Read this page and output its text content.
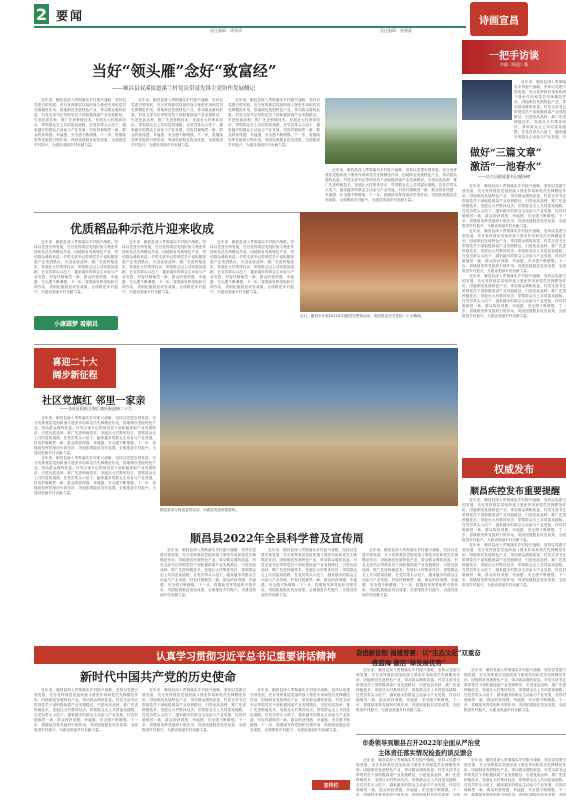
2 要闻
责任编辑：谭华清	责任编辑：黄黛素
诗画宣昌
当好“领头雁”念好“致富经”
——顺昌县双溪街道溪兰村党员带富先锋主党协作发展侧记

近年来，顺昌县深入贯彻落实乡村振兴战略，坚持以党建引领发展，充分发挥基层党组织战斗堡垒作用和党员先锋模范作用，因地制宜发展特色产业，带动群众增收致富。村党支部书记带领党员干部积极探索产业发展路径，引进优质品种，推广先进种植技术，发展壮大村集体经济，带领群众走上共同富裕道路。在党员带头示范下，越来越多的群众主动参与产业发展，村容村貌焕然一新，群众的获得感、幸福感、安全感不断增强。下一步，将继续发挥党组织引领作用，巩固拓展脱贫攻坚成果，全面推进乡村振兴，为建设美丽乡村贡献力量。

近年来，顺昌县深入贯彻落实乡村振兴战略，坚持以党建引领发展，充分发挥基层党组织战斗堡垒作用和党员先锋模范作用，因地制宜发展特色产业，带动群众增收致富。村党支部书记带领党员干部积极探索产业发展路径，引进优质品种，推广先进种植技术，发展壮大村集体经济，带领群众走上共同富裕道路。在党员带头示范下，越来越多的群众主动参与产业发展，村容村貌焕然一新，群众的获得感、幸福感、安全感不断增强。下一步，将继续发挥党组织引领作用，巩固拓展脱贫攻坚成果，全面推进乡村振兴，为建设美丽乡村贡献力量。

近年来，顺昌县深入贯彻落实乡村振兴战略，坚持以党建引领发展，充分发挥基层党组织战斗堡垒作用和党员先锋模范作用，因地制宜发展特色产业，带动群众增收致富。村党支部书记带领党员干部积极探索产业发展路径，引进优质品种，推广先进种植技术，发展壮大村集体经济，带领群众走上共同富裕道路。在党员带头示范下，越来越多的群众主动参与产业发展，村容村貌焕然一新，群众的获得感、幸福感、安全感不断增强。下一步，将继续发挥党组织引领作用，巩固拓展脱贫攻坚成果，全面推进乡村振兴，为建设美丽乡村贡献力量。

近年来，顺昌县深入贯彻落实乡村振兴战略，坚持以党建引领发展，充分发挥基层党组织战斗堡垒作用和党员先锋模范作用，因地制宜发展特色产业，带动群众增收致富。村党支部书记带领党员干部积极探索产业发展路径，引进优质品种，推广先进种植技术，发展壮大村集体经济，带领群众走上共同富裕道路。在党员带头示范下，越来越多的群众主动参与产业发展，村容村貌焕然一新，群众的获得感、幸福感、安全感不断增强。下一步，将继续发挥党组织引领作用，巩固拓展脱贫攻坚成果，全面推进乡村振兴，为建设美丽乡村贡献力量。

一把手访谈
乡镇（街道）篇

近年来，顺昌县深入贯彻落实乡村振兴战略，坚持以党建引领发展，充分发挥基层党组织战斗堡垒作用和党员先锋模范作用，因地制宜发展特色产业，带动群众增收致富。村党支部书记带领党员干部积极探索产业发展路径，引进优质品种，推广先进种植技术，发展壮大村集体经济，带领群众走上共同富裕道路。在党员带头示范下，越来越多的群众主动参与产业发展，村

做好“三篇文章”
激活“一池春水”
——访大历镇党委书记谢泽树

近年来，顺昌县深入贯彻落实乡村振兴战略，坚持以党建引领发展，充分发挥基层党组织战斗堡垒作用和党员先锋模范作用，因地制宜发展特色产业，带动群众增收致富。村党支部书记带领党员干部积极探索产业发展路径，引进优质品种，推广先进种植技术，发展壮大村集体经济，带领群众走上共同富裕道路。在党员带头示范下，越来越多的群众主动参与产业发展，村容村貌焕然一新，群众的获得感、幸福感、安全感不断增强。下一步，将继续发挥党组织引领作用，巩固拓展脱贫攻坚成果，全面推进乡村振兴，为建设美丽乡村贡献力量。

近年来，顺昌县深入贯彻落实乡村振兴战略，坚持以党建引领发展，充分发挥基层党组织战斗堡垒作用和党员先锋模范作用，因地制宜发展特色产业，带动群众增收致富。村党支部书记带领党员干部积极探索产业发展路径，引进优质品种，推广先进种植技术，发展壮大村集体经济，带领群众走上共同富裕道路。在党员带头示范下，越来越多的群众主动参与产业发展，村容村貌焕然一新，群众的获得感、幸福感、安全感不断增强。下一步，将继续发挥党组织引领作用，巩固拓展脱贫攻坚成果，全面推进乡村振兴，为建设美丽乡村贡献力量。

近年来，顺昌县深入贯彻落实乡村振兴战略，坚持以党建引领发展，充分发挥基层党组织战斗堡垒作用和党员先锋模范作用，因地制宜发展特色产业，带动群众增收致富。村党支部书记带领党员干部积极探索产业发展路径，引进优质品种，推广先进种植技术，发展壮大村集体经济，带领群众走上共同富裕道路。在党员带头示范下，越来越多的群众主动参与产业发展，村容村貌焕然一新，群众的获得感、幸福感、安全感不断增强。下一步，将继续发挥党组织引领作用，巩固拓展脱贫攻坚成果，全面推进乡村振兴，为建设美丽乡村贡献力量。

优质稻品种示范片迎来收成

近年来，顺昌县深入贯彻落实乡村振兴战略，坚持以党建引领发展，充分发挥基层党组织战斗堡垒作用和党员先锋模范作用，因地制宜发展特色产业，带动群众增收致富。村党支部书记带领党员干部积极探索产业发展路径，引进优质品种，推广先进种植技术，发展壮大村集体经济，带领群众走上共同富裕道路。在党员带头示范下，越来越多的群众主动参与产业发展，村容村貌焕然一新，群众的获得感、幸福感、安全感不断增强。下一步，将继续发挥党组织引领作用，巩固拓展脱贫攻坚成果，全面推进乡村振兴，为建设美丽乡村贡献力量。

近年来，顺昌县深入贯彻落实乡村振兴战略，坚持以党建引领发展，充分发挥基层党组织战斗堡垒作用和党员先锋模范作用，因地制宜发展特色产业，带动群众增收致富。村党支部书记带领党员干部积极探索产业发展路径，引进优质品种，推广先进种植技术，发展壮大村集体经济，带领群众走上共同富裕道路。在党员带头示范下，越来越多的群众主动参与产业发展，村容村貌焕然一新，群众的获得感、幸福感、安全感不断增强。下一步，将继续发挥党组织引领作用，巩固拓展脱贫攻坚成果，全面推进乡村振兴，为建设美丽乡村贡献力量。

近年来，顺昌县深入贯彻落实乡村振兴战略，坚持以党建引领发展，充分发挥基层党组织战斗堡垒作用和党员先锋模范作用，因地制宜发展特色产业，带动群众增收致富。村党支部书记带领党员干部积极探索产业发展路径，引进优质品种，推广先进种植技术，发展壮大村集体经济，带领群众走上共同富裕道路。在党员带头示范下，越来越多的群众主动参与产业发展，村容村貌焕然一新，群众的获得感、幸福感、安全感不断增强。下一步，将继续发挥党组织引领作用，巩固拓展脱贫攻坚成果，全面推进乡村振兴，为建设美丽乡村贡献力量。

小康圆梦 看顺昌
近日，顺昌乡开展2022年村级党史教育活动，组织群众学习党的二十大精神。
喜迎二十大
阔步新征程
社区党旗红 邻里一家亲
——各社区组织合唱汇演庆祝迎接二十大

近年来，顺昌县深入贯彻落实乡村振兴战略，坚持以党建引领发展，充分发挥基层党组织战斗堡垒作用和党员先锋模范作用，因地制宜发展特色产业，带动群众增收致富。村党支部书记带领党员干部积极探索产业发展路径，引进优质品种，推广先进种植技术，发展壮大村集体经济，带领群众走上共同富裕道路。在党员带头示范下，越来越多的群众主动参与产业发展，村容村貌焕然一新，群众的获得感、幸福感、安全感不断增强。下一步，将继续发挥党组织引领作用，巩固拓展脱贫攻坚成果，全面推进乡村振兴，为建设美丽乡村贡献力量。

近年来，顺昌县深入贯彻落实乡村振兴战略，坚持以党建引领发展，充分发挥基层党组织战斗堡垒作用和党员先锋模范作用，因地制宜发展特色产业，带动群众增收致富。村党支部书记带领党员干部积极探索产业发展路径，引进优质品种，推广先进种植技术，发展壮大村集体经济，带领群众走上共同富裕道路。在党员带头示范下，越来越多的群众主动参与产业发展，村容村貌焕然一新，群众的获得感、幸福感、安全感不断增强。下一步，将继续发挥党组织引领作用，巩固拓展脱贫攻坚成果，全面推进乡村振兴，为建设美丽乡村贡献力量。

顺昌县举办科普宣传活动，向群众发放科普资料。
顺昌县2022年全县科学普及宣传周

近年来，顺昌县深入贯彻落实乡村振兴战略，坚持以党建引领发展，充分发挥基层党组织战斗堡垒作用和党员先锋模范作用，因地制宜发展特色产业，带动群众增收致富。村党支部书记带领党员干部积极探索产业发展路径，引进优质品种，推广先进种植技术，发展壮大村集体经济，带领群众走上共同富裕道路。在党员带头示范下，越来越多的群众主动参与产业发展，村容村貌焕然一新，群众的获得感、幸福感、安全感不断增强。下一步，将继续发挥党组织引领作用，巩固拓展脱贫攻坚成果，全面推进乡村振兴，为建设美丽乡村贡献力量。

近年来，顺昌县深入贯彻落实乡村振兴战略，坚持以党建引领发展，充分发挥基层党组织战斗堡垒作用和党员先锋模范作用，因地制宜发展特色产业，带动群众增收致富。村党支部书记带领党员干部积极探索产业发展路径，引进优质品种，推广先进种植技术，发展壮大村集体经济，带领群众走上共同富裕道路。在党员带头示范下，越来越多的群众主动参与产业发展，村容村貌焕然一新，群众的获得感、幸福感、安全感不断增强。下一步，将继续发挥党组织引领作用，巩固拓展脱贫攻坚成果，全面推进乡村振兴，为建设美丽乡村贡献力量。

近年来，顺昌县深入贯彻落实乡村振兴战略，坚持以党建引领发展，充分发挥基层党组织战斗堡垒作用和党员先锋模范作用，因地制宜发展特色产业，带动群众增收致富。村党支部书记带领党员干部积极探索产业发展路径，引进优质品种，推广先进种植技术，发展壮大村集体经济，带领群众走上共同富裕道路。在党员带头示范下，越来越多的群众主动参与产业发展，村容村貌焕然一新，群众的获得感、幸福感、安全感不断增强。下一步，将继续发挥党组织引领作用，巩固拓展脱贫攻坚成果，全面推进乡村振兴，为建设美丽乡村贡献力量。

权威发布
顺昌疾控发布重要提醒

近年来，顺昌县深入贯彻落实乡村振兴战略，坚持以党建引领发展，充分发挥基层党组织战斗堡垒作用和党员先锋模范作用，因地制宜发展特色产业，带动群众增收致富。村党支部书记带领党员干部积极探索产业发展路径，引进优质品种，推广先进种植技术，发展壮大村集体经济，带领群众走上共同富裕道路。在党员带头示范下，越来越多的群众主动参与产业发展，村容村貌焕然一新，群众的获得感、幸福感、安全感不断增强。下一步，将继续发挥党组织引领作用，巩固拓展脱贫攻坚成果，全面推进乡村振兴，为建设美丽乡村贡献力量。

近年来，顺昌县深入贯彻落实乡村振兴战略，坚持以党建引领发展，充分发挥基层党组织战斗堡垒作用和党员先锋模范作用，因地制宜发展特色产业，带动群众增收致富。村党支部书记带领党员干部积极探索产业发展路径，引进优质品种，推广先进种植技术，发展壮大村集体经济，带领群众走上共同富裕道路。在党员带头示范下，越来越多的群众主动参与产业发展，村容村貌焕然一新，群众的获得感、幸福感、安全感不断增强。下一步，将继续发挥党组织引领作用，巩固拓展脱贫攻坚成果，全面推进乡村振兴，为建设美丽乡村贡献力量。

认真学习贯彻习近平总书记重要讲话精神
新时代中国共产党的历史使命

近年来，顺昌县深入贯彻落实乡村振兴战略，坚持以党建引领发展，充分发挥基层党组织战斗堡垒作用和党员先锋模范作用，因地制宜发展特色产业，带动群众增收致富。村党支部书记带领党员干部积极探索产业发展路径，引进优质品种，推广先进种植技术，发展壮大村集体经济，带领群众走上共同富裕道路。在党员带头示范下，越来越多的群众主动参与产业发展，村容村貌焕然一新，群众的获得感、幸福感、安全感不断增强。下一步，将继续发挥党组织引领作用，巩固拓展脱贫攻坚成果，全面推进乡村振兴，为建设美丽乡村贡献力量。

近年来，顺昌县深入贯彻落实乡村振兴战略，坚持以党建引领发展，充分发挥基层党组织战斗堡垒作用和党员先锋模范作用，因地制宜发展特色产业，带动群众增收致富。村党支部书记带领党员干部积极探索产业发展路径，引进优质品种，推广先进种植技术，发展壮大村集体经济，带领群众走上共同富裕道路。在党员带头示范下，越来越多的群众主动参与产业发展，村容村貌焕然一新，群众的获得感、幸福感、安全感不断增强。下一步，将继续发挥党组织引领作用，巩固拓展脱贫攻坚成果，全面推进乡村振兴，为建设美丽乡村贡献力量。

近年来，顺昌县深入贯彻落实乡村振兴战略，坚持以党建引领发展，充分发挥基层党组织战斗堡垒作用和党员先锋模范作用，因地制宜发展特色产业，带动群众增收致富。村党支部书记带领党员干部积极探索产业发展路径，引进优质品种，推广先进种植技术，发展壮大村集体经济，带领群众走上共同富裕道路。在党员带头示范下，越来越多的群众主动参与产业发展，村容村貌焕然一新，群众的获得感、幸福感、安全感不断增强。下一步，将继续发挥党组织引领作用，巩固拓展脱贫攻坚成果，全面推进乡村振兴，为建设美丽乡村贡献力量。

宣传栏
奋进新征程 福建普赛：以“生态文化”双重奋
推蓝海 激活“绿发展优势”

近年来，顺昌县深入贯彻落实乡村振兴战略，坚持以党建引领发展，充分发挥基层党组织战斗堡垒作用和党员先锋模范作用，因地制宜发展特色产业，带动群众增收致富。村党支部书记带领党员干部积极探索产业发展路径，引进优质品种，推广先进种植技术，发展壮大村集体经济，带领群众走上共同富裕道路。在党员带头示范下，越来越多的群众主动参与产业发展，村容村貌焕然一新，群众的获得感、幸福感、安全感不断增强。下一步，将继续发挥党组织引领作用，巩固拓展脱贫攻坚成果，全面推进乡村振兴，为建设美丽乡村贡献力量。

近年来，顺昌县深入贯彻落实乡村振兴战略，坚持以党建引领发展，充分发挥基层党组织战斗堡垒作用和党员先锋模范作用，因地制宜发展特色产业，带动群众增收致富。村党支部书记带领党员干部积极探索产业发展路径，引进优质品种，推广先进种植技术，发展壮大村集体经济，带领群众走上共同富裕道路。在党员带头示范下，越来越多的群众主动参与产业发展，村容村貌焕然一新，群众的获得感、幸福感、安全感不断增强。下一步，将继续发挥党组织引领作用，巩固拓展脱贫攻坚成果，全面推进乡村振兴，为建设美丽乡村贡献力量。

市委领导到顺县召开2022年全面从严治党
主体责任落实情况检查约谈反馈会

近年来，顺昌县深入贯彻落实乡村振兴战略，坚持以党建引领发展，充分发挥基层党组织战斗堡垒作用和党员先锋模范作用，因地制宜发展特色产业，带动群众增收致富。村党支部书记带领党员干部积极探索产业发展路径，引进优质品种，推广先进种植技术，发展壮大村集体经济，带领群众走上共同富裕道路。在党员带头示范下，越来越多的群众主动参与产业发展，村容村貌焕然一新，群众的获得感、幸福感、安全感不断增强。下一步，将继续发挥党组织引领作用，巩固拓展脱贫攻坚成果，全面

近年来，顺昌县深入贯彻落实乡村振兴战略，坚持以党建引领发展，充分发挥基层党组织战斗堡垒作用和党员先锋模范作用，因地制宜发展特色产业，带动群众增收致富。村党支部书记带领党员干部积极探索产业发展路径，引进优质品种，推广先进种植技术，发展壮大村集体经济，带领群众走上共同富裕道路。在党员带头示范下，越来越多的群众主动参与产业发展，村容村貌焕然一新，群众的获得感、幸福感、安全感不断增强。下一步，将继续发挥党组织引领作用，巩固拓展脱贫攻坚成果，全面
